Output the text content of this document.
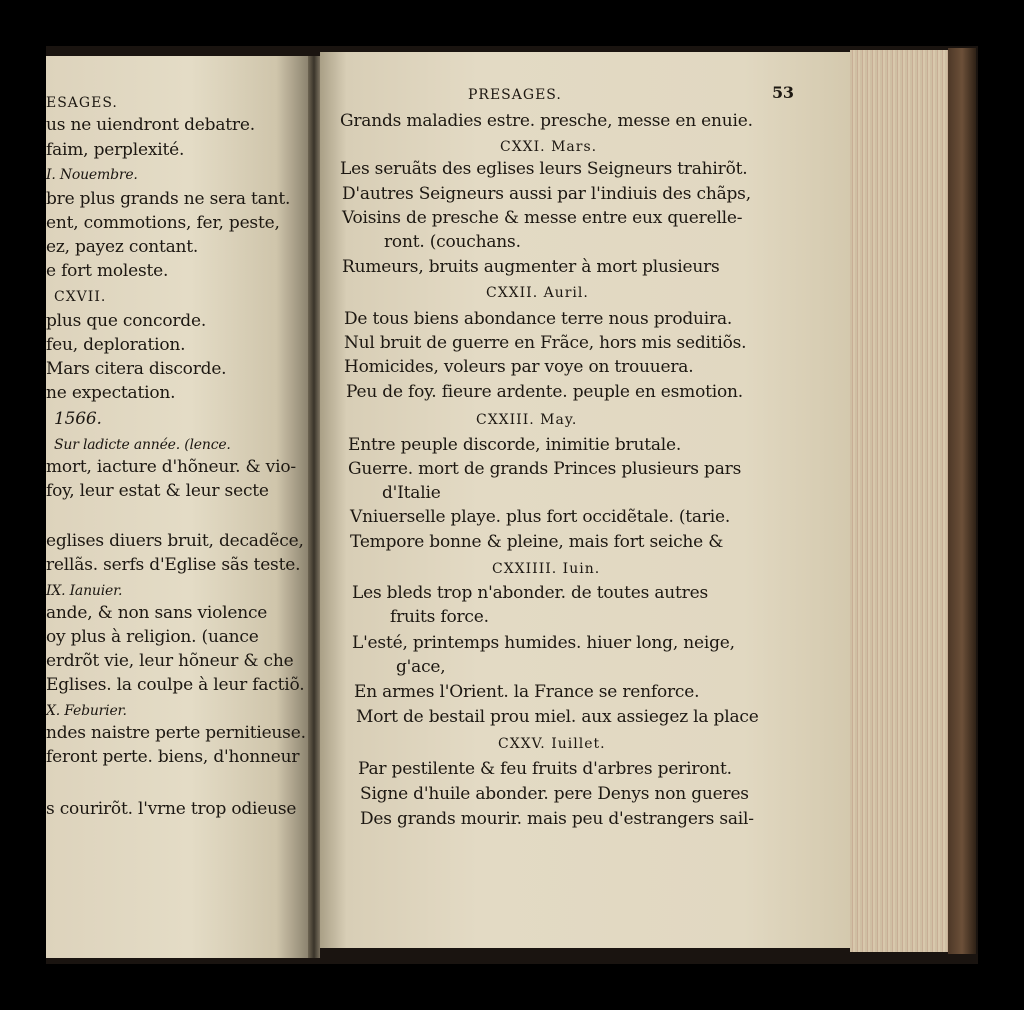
ESAGES.
us ne uiendront debatre.
faim, perplexité.
I. Nouembre.
bre plus grands ne sera tant.
ent, commotions, fer, peste,
ez, payez contant.
e fort moleste.
CXVII.
plus que concorde.
feu, deploration.
Mars citera discorde.
ne expectation.
1566.
Sur ladicte année. (lence.
mort, iacture d'hõneur. & vio-
foy, leur estat & leur secte
eglises diuers bruit, decadẽce,
rellãs. serfs d'Eglise sãs teste.
IX. Ianuier.
ande, & non sans violence
oy plus à religion. (uance
erdrõt vie, leur hõneur & che
Eglises. la coulpe à leur factiõ.
X. Feburier.
ndes naistre perte pernitieuse.
feront perte. biens, d'honneur
s courirõt. l'vrne trop odieuse
PRESAGES.	53
Grands maladies estre. presche, messe en enuie.
CXXI. Mars.
Les seruãts des eglises leurs Seigneurs trahirõt.
D'autres Seigneurs aussi par l'indiuis des chãps,
Voisins de presche & messe entre eux querelle-
ront. (couchans.
Rumeurs, bruits augmenter à mort plusieurs
CXXII. Auril.
De tous biens abondance terre nous produira.
Nul bruit de guerre en Frãce, hors mis seditiõs.
Homicides, voleurs par voye on trouuera.
Peu de foy. fieure ardente. peuple en esmotion.
CXXIII. May.
Entre peuple discorde, inimitie brutale.
Guerre. mort de grands Princes plusieurs pars
d'Italie
Vniuerselle playe. plus fort occidẽtale. (tarie.
Tempore bonne & pleine, mais fort seiche &
CXXIIII. Iuin.
Les bleds trop n'abonder. de toutes autres
fruits force.
L'esté, printemps humides. hiuer long, neige,
g'ace,
En armes l'Orient. la France se renforce.
Mort de bestail prou miel. aux assiegez la place
CXXV. Iuillet.
Par pestilente & feu fruits d'arbres periront.
Signe d'huile abonder. pere Denys non gueres
Des grands mourir. mais peu d'estrangers sail-
